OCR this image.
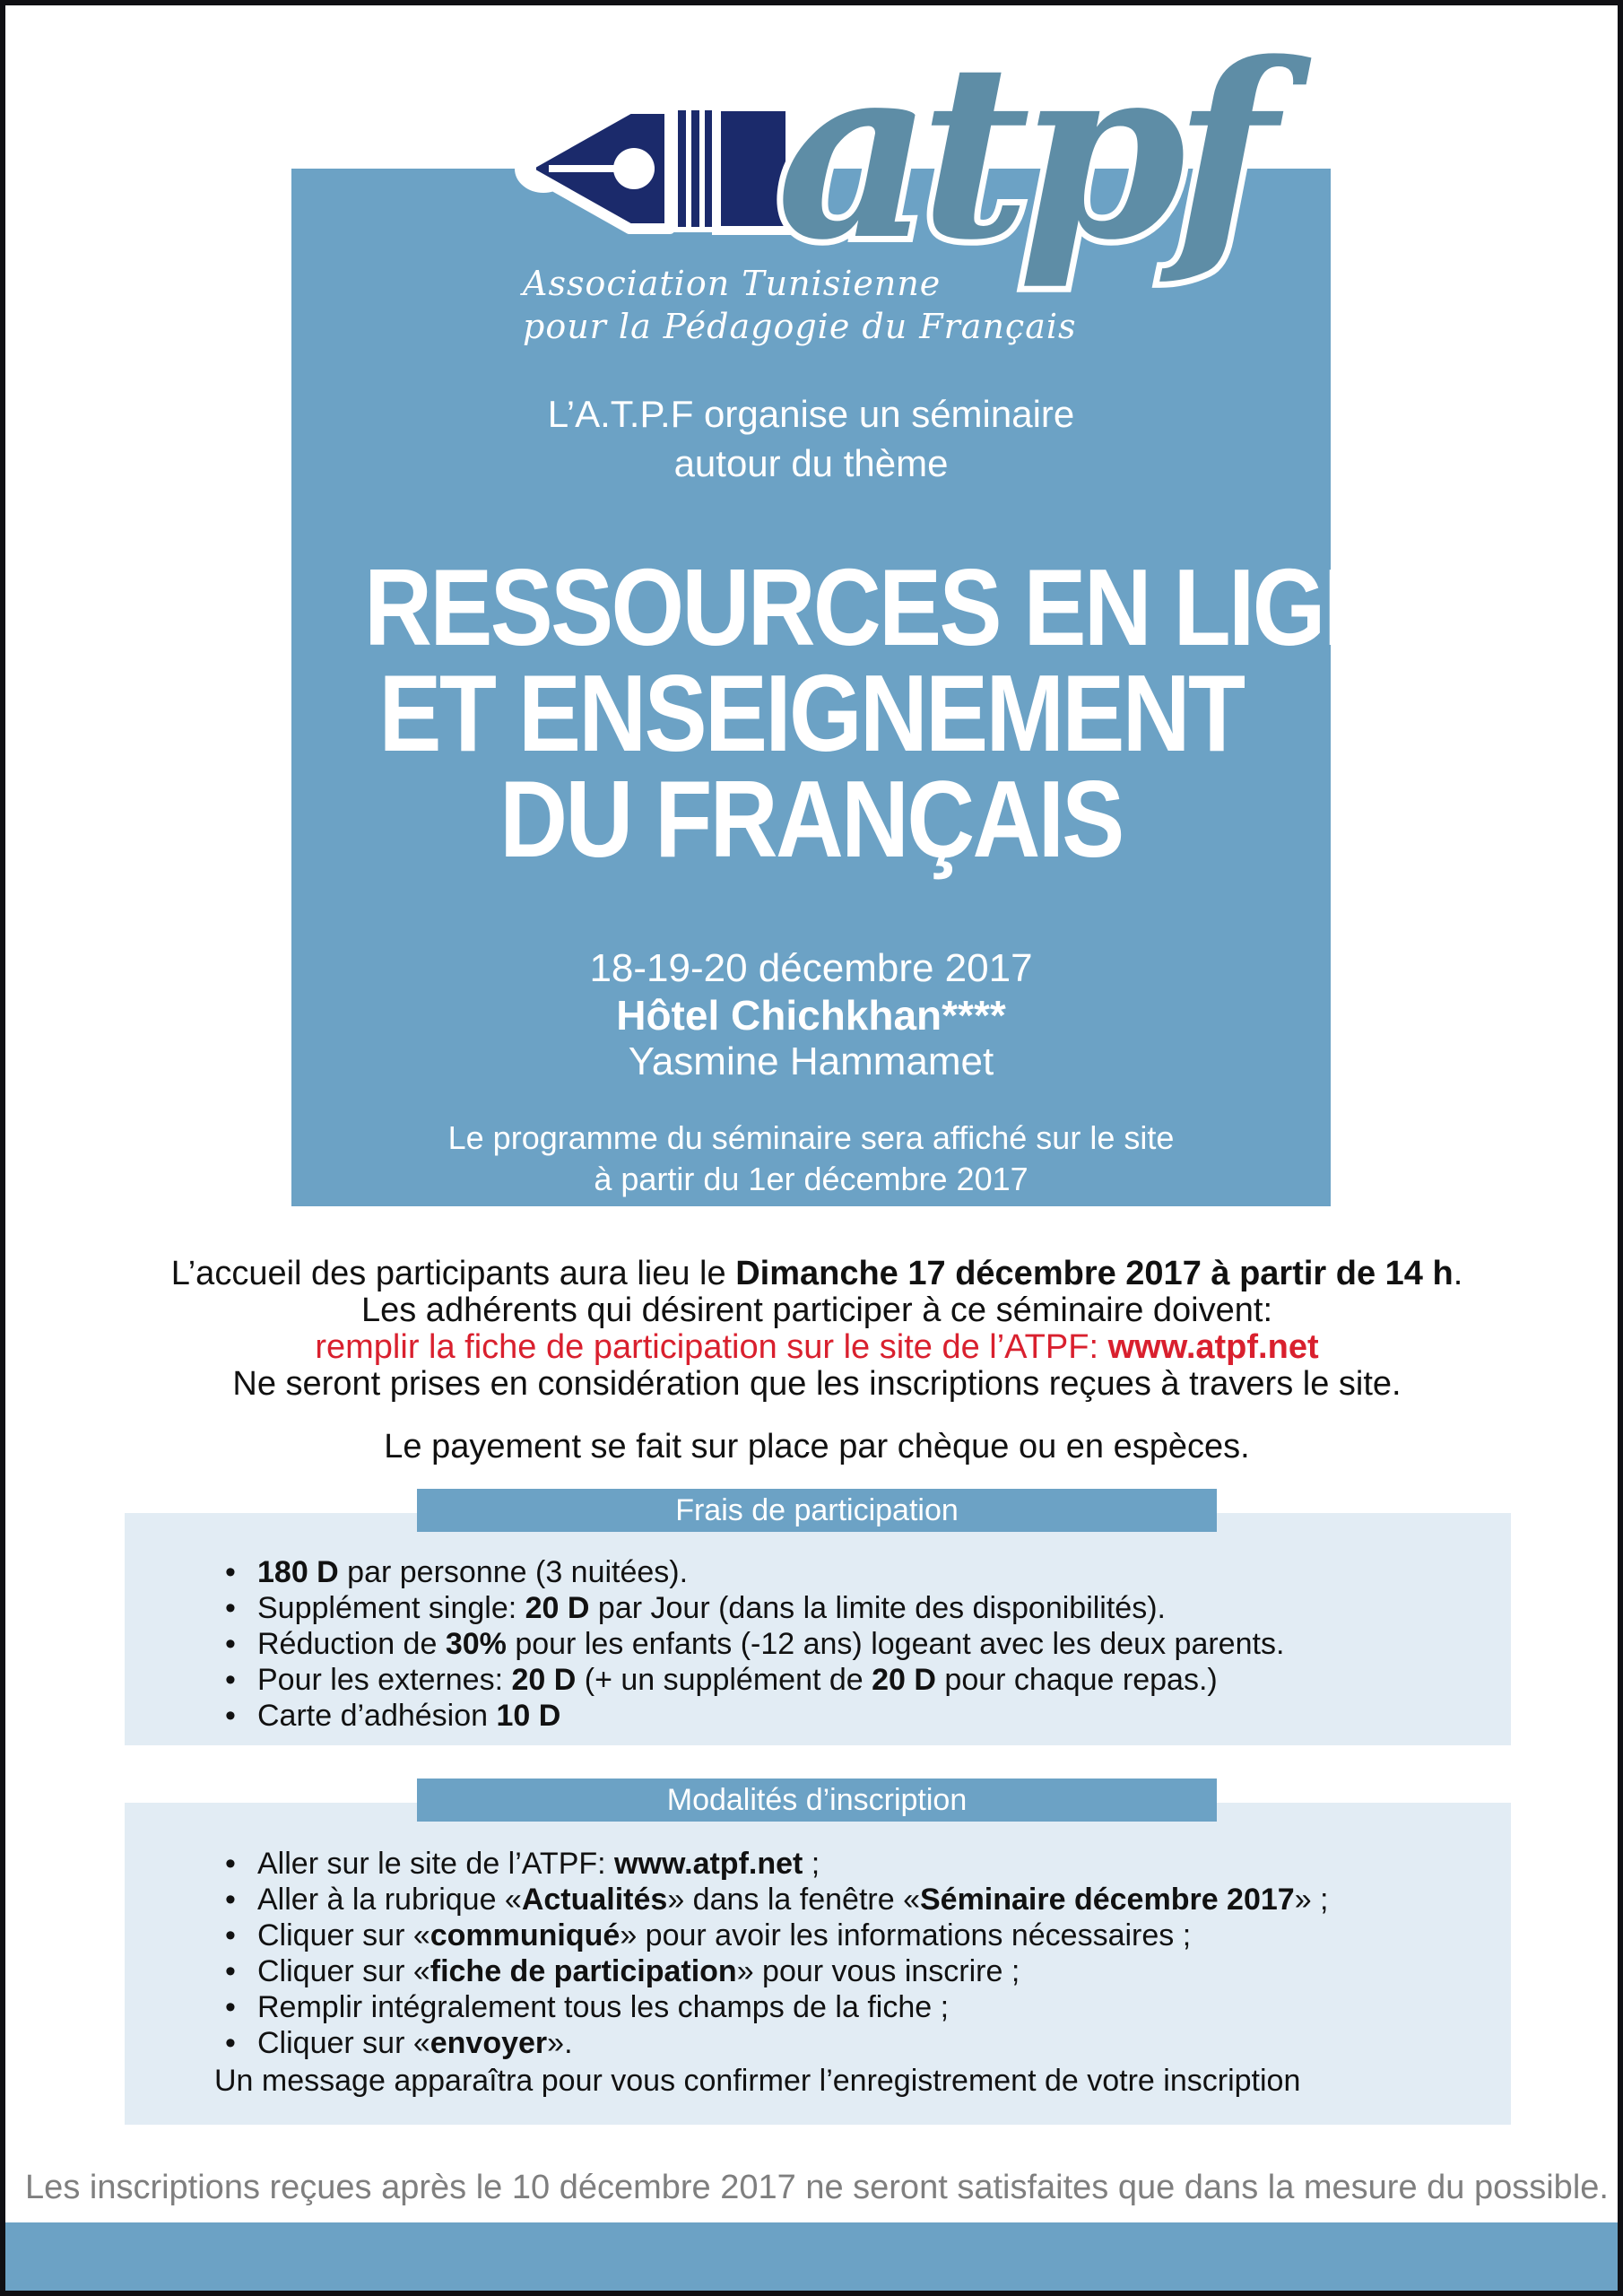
atpf
Association Tunisienne
pour la Pédagogie du Français
L’A.T.P.F organise un séminaire
autour du thème
RESSOURCES EN LIGNE
ET ENSEIGNEMENT
DU FRANÇAIS
18-19-20 décembre 2017
Hôtel Chichkhan****
Yasmine Hammamet
Le programme du séminaire sera affiché sur le site
à partir du 1er décembre 2017
L’accueil des participants aura lieu le Dimanche 17 décembre 2017 à partir de 14 h.
Les adhérents qui désirent participer à ce séminaire doivent:
remplir la fiche de participation sur le site de l’ATPF: www.atpf.net
Ne seront prises en considération que les inscriptions reçues à travers le site.
Le payement se fait sur place par chèque ou en espèces.
Frais de participation
• 180 D par personne (3 nuitées).
• Supplément single: 20 D par Jour (dans la limite des disponibilités).
• Réduction de 30% pour les enfants (-12 ans) logeant avec les deux parents.
• Pour les externes: 20 D (+ un supplément de 20 D pour chaque repas.)
• Carte d’adhésion 10 D
Modalités d’inscription
• Aller sur le site de l’ATPF: www.atpf.net ;
• Aller à la rubrique «Actualités» dans la fenêtre «Séminaire décembre 2017» ;
• Cliquer sur «communiqué» pour avoir les informations nécessaires ;
• Cliquer sur «fiche de participation» pour vous inscrire ;
• Remplir intégralement tous les champs de la fiche ;
• Cliquer sur «envoyer».

Un message apparaîtra pour vous confirmer l’enregistrement de votre inscription

Les inscriptions reçues après le 10 décembre 2017 ne seront satisfaites que dans la mesure du possible.
